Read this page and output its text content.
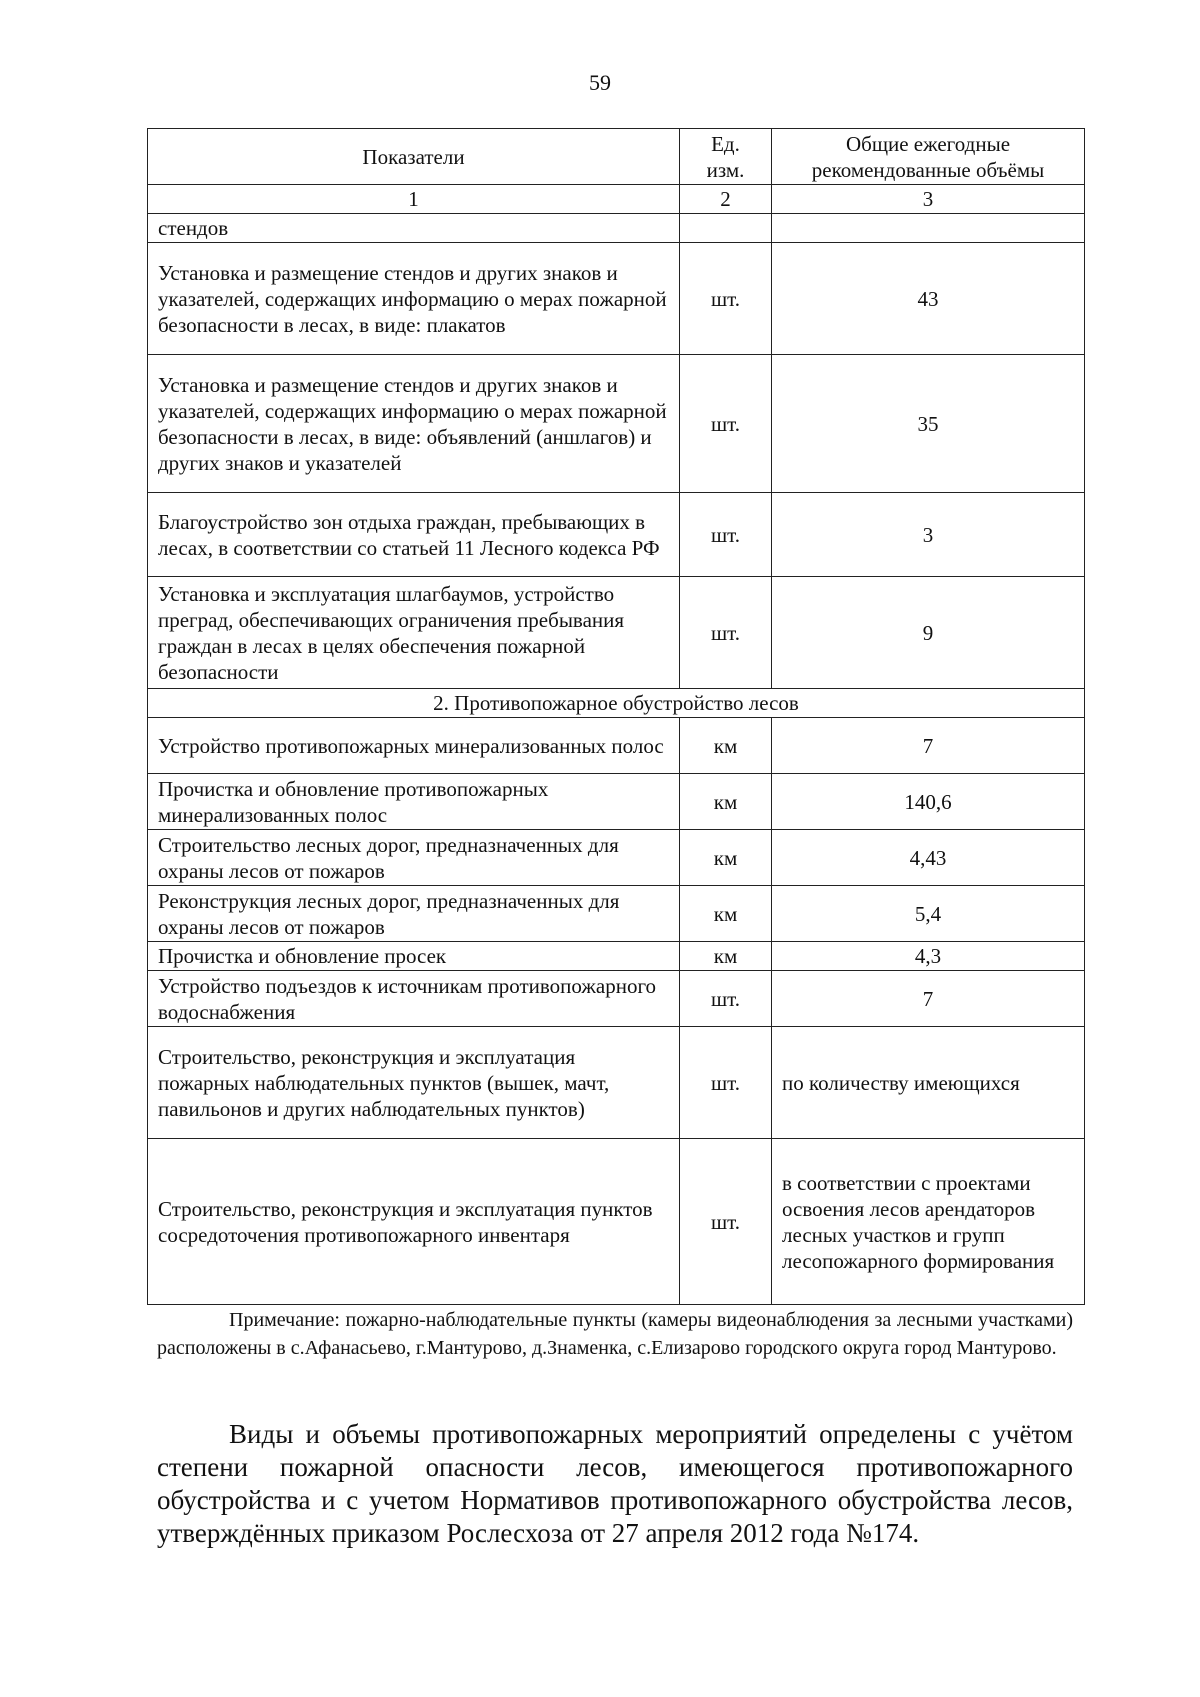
59
Показатели	Ед. изм.	Общие ежегодные рекомендованные объёмы
1	2	3
стендов		
Установка и размещение стендов и других знаков и указателей, содержащих информацию о мерах пожарной безопасности в лесах, в виде: плакатов	шт.	43
Установка и размещение стендов и других знаков и указателей, содержащих информацию о мерах пожарной безопасности в лесах, в виде: объявлений (аншлагов) и других знаков и указателей	шт.	35
Благоустройство зон отдыха граждан, пребывающих в лесах, в соответствии со статьей 11 Лесного кодекса РФ	шт.	3
Установка и эксплуатация шлагбаумов, устройство преград, обеспечивающих ограничения пребывания граждан в лесах в целях обеспечения пожарной безопасности	шт.	9
2. Противопожарное обустройство лесов		
Устройство противопожарных минерализованных полос	км	7
Прочистка и обновление противопожарных минерализованных полос	км	140,6
Строительство лесных дорог, предназначенных для охраны лесов от пожаров	км	4,43
Реконструкция лесных дорог, предназначенных для охраны лесов от пожаров	км	5,4
Прочистка и обновление просек	км	4,3
Устройство подъездов к источникам противопожарного водоснабжения	шт.	7
Строительство, реконструкция и эксплуатация пожарных наблюдательных пунктов (вышек, мачт, павильонов и других наблюдательных пунктов)	шт.	по количеству имеющихся
Строительство, реконструкция и эксплуатация пунктов сосредоточения противопожарного инвентаря	шт.	в соответствии с проектами освоения лесов арендаторов лесных участков и групп лесопожарного формирования
Примечание: пожарно-наблюдательные пункты (камеры видеонаблюдения за лесными участками) расположены в с.Афанасьево, г.Мантурово, д.Знаменка, с.Елизарово городского округа город Мантурово.
Виды и объемы противопожарных мероприятий определены с учётом степени пожарной опасности лесов, имеющегося противопожарного обустройства и с учетом Нормативов противопожарного обустройства лесов, утверждённых приказом Рослесхоза от 27 апреля 2012 года №174.
